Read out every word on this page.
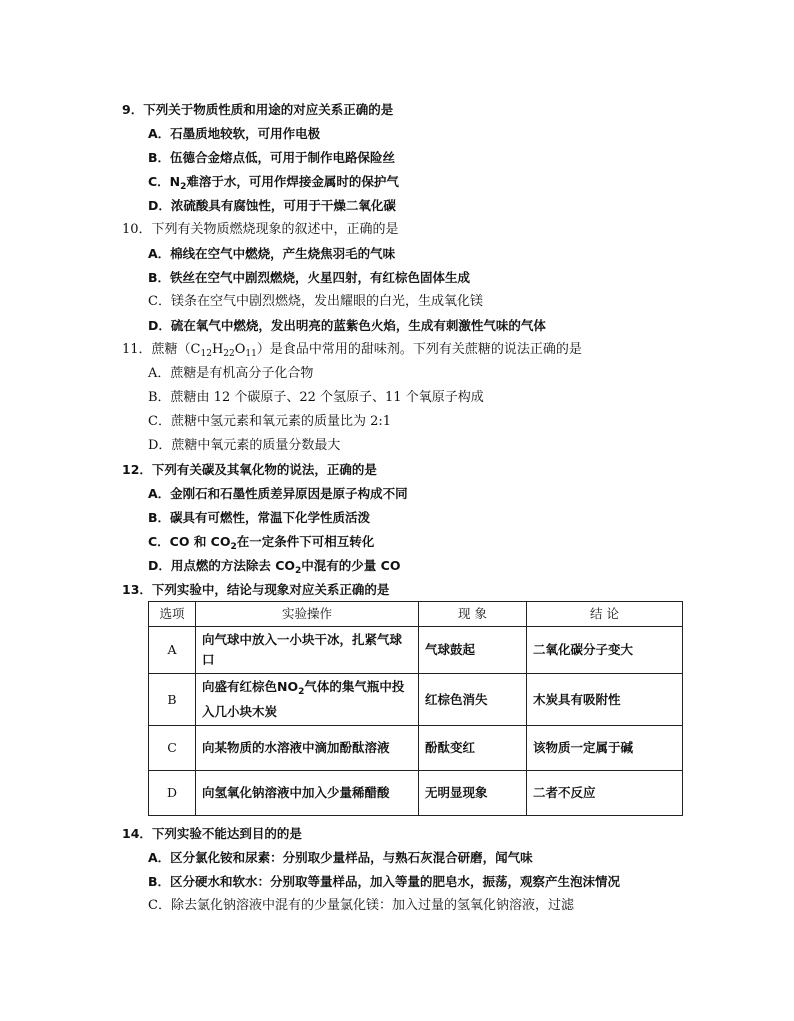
9．下列关于物质性质和用途的对应关系正确的是
A．石墨质地较软，可用作电极
B．伍德合金熔点低，可用于制作电路保险丝
C．$N_2$难溶于水，可用作焊接金属时的保护气
D．浓硫酸具有腐蚀性，可用于干燥二氧化碳
10．下列有关物质燃烧现象的叙述中，正确的是
A．棉线在空气中燃烧，产生烧焦羽毛的气味
B．铁丝在空气中剧烈燃烧，火星四射，有红棕色固体生成
C．镁条在空气中剧烈燃烧，发出耀眼的白光，生成氧化镁
D．硫在氧气中燃烧，发出明亮的蓝紫色火焰，生成有刺激性气味的气体
11．蔗糖$(C_{12}H_{22}O_{11})$是食品中常用的甜味剂。下列有关蔗糖的说法正确的是
A．蔗糖是有机高分子化合物
B．蔗糖由 12 个碳原子、22 个氢原子、11 个氧原子构成
C．蔗糖中氢元素和氧元素的质量比为 2:1
D．蔗糖中氧元素的质量分数最大
12．下列有关碳及其氧化物的说法，正确的是
A．金刚石和石墨性质差异原因是原子构成不同
B．碳具有可燃性，常温下化学性质活泼
C．CO 和 $CO_2$在一定条件下可相互转化
D．用点燃的方法除去 $CO_2$中混有的少量 CO
13．下列实验中，结论与现象对应关系正确的是
选项	实验操作	现 象	结 论
A	向气球中放入一小块干冰，扎紧气球口	气球鼓起	二氧化碳分子变大
B	向盛有红棕色$NO_2$气体的集气瓶中投入几小块木炭	红棕色消失	木炭具有吸附性
C	向某物质的水溶液中滴加酚酞溶液	酚酞变红	该物质一定属于碱
D	向氢氧化钠溶液中加入少量稀醋酸	无明显现象	二者不反应
14．下列实验不能达到目的的是
A．区分氯化铵和尿素：分别取少量样品，与熟石灰混合研磨，闻气味
B．区分硬水和软水：分别取等量样品，加入等量的肥皂水，振荡，观察产生泡沫情况
C．除去氯化钠溶液中混有的少量氯化镁：加入过量的氢氧化钠溶液，过滤
